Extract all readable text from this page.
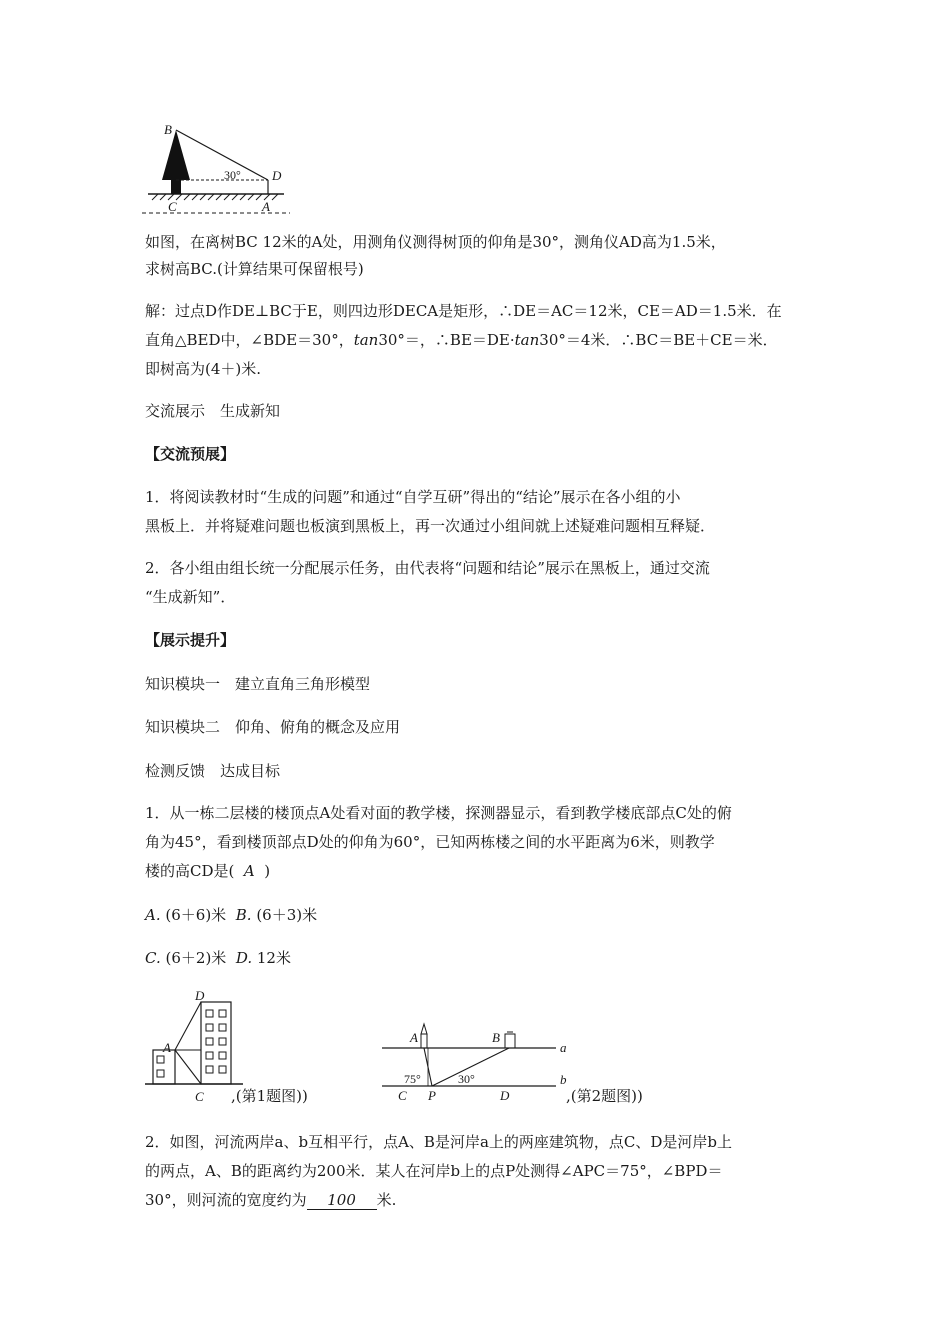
B
D
C	A
30°

如图，在离树BC 12米的A处，用测角仪测得树顶的仰角是30°，测角仪AD高为1.5米，

求树高BC.(计算结果可保留根号)

解：过点D作DE⊥BC于E，则四边形DECA是矩形，∴DE＝AC＝12米，CE＝AD＝1.5米．在

直角△BED中，∠BDE＝30°，tan30°＝，∴BE＝DE·tan30°＝4米．∴BC＝BE＋CE＝米．

即树高为(4＋)米.

交流展示　生成新知

【交流预展】

1．将阅读教材时“生成的问题”和通过“自学互研”得出的“结论”展示在各小组的小

黑板上．并将疑难问题也板演到黑板上，再一次通过小组间就上述疑难问题相互释疑．

2．各小组由组长统一分配展示任务，由代表将“问题和结论”展示在黑板上，通过交流

“生成新知”．

【展示提升】

知识模块一　建立直角三角形模型

知识模块二　仰角、俯角的概念及应用

检测反馈　达成目标

1．从一栋二层楼的楼顶点A处看对面的教学楼，探测器显示，看到教学楼底部点C处的俯

角为45°，看到楼顶部点D处的仰角为60°，已知两栋楼之间的水平距离为6米，则教学

楼的高CD是( A )

A. (6＋6)米 B. (6＋3)米

C. (6＋2)米 D. 12米

D
A
C ,(第1题图))
A	B
a
b
C P	D
75°	30°
,(第2题图))

2．如图，河流两岸a、b互相平行，点A、B是河岸a上的两座建筑物，点C、D是河岸b上

的两点，A、B的距离约为200米．某人在河岸b上的点P处测得∠APC＝75°，∠BPD＝

30°，则河流的宽度约为 100 米.
